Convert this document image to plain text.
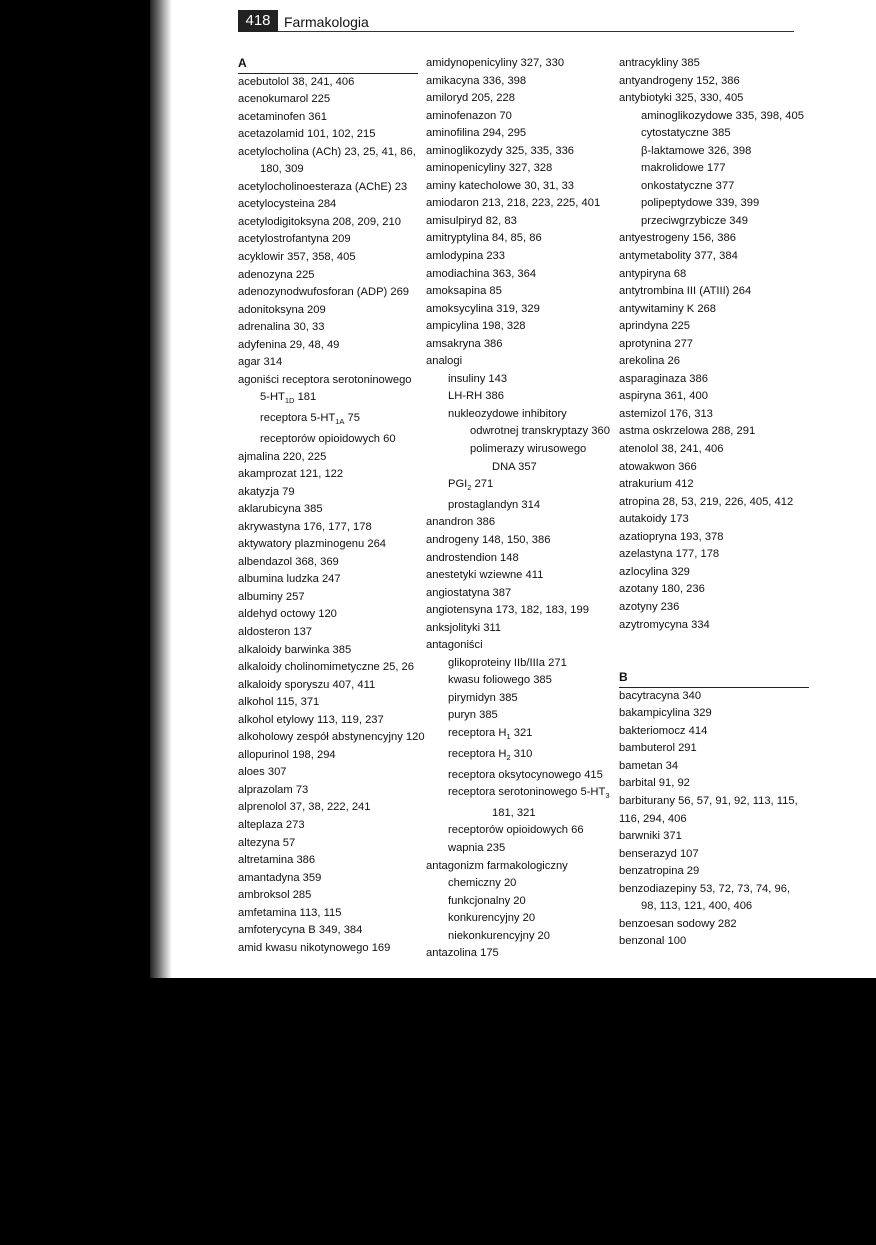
418 Farmakologia
A
acebutolol 38, 241, 406
acenokumarol 225
acetaminofen 361
acetazolamid 101, 102, 215
acetylocholina (ACh) 23, 25, 41, 86,
180, 309
acetylocholinoesteraza (AChE) 23
acetylocysteina 284
acetylodigitoksyna 208, 209, 210
acetylostrofantyna 209
acyklowir 357, 358, 405
adenozyna 225
adenozynodwufosforan (ADP) 269
adonitoksyna 209
adrenalina 30, 33
adyfenina 29, 48, 49
agar 314
agoniści receptora serotoninowego
$5-HT_{1D}$ 181
receptora $5-HT_{1A}$ 75
receptorów opioidowych 60
ajmalina 220, 225
akamprozat 121, 122
akatyzja 79
aklarubicyna 385
akrywastyna 176, 177, 178
aktywatory plazminogenu 264
albendazol 368, 369
albumina ludzka 247
albuminy 257
aldehyd octowy 120
aldosteron 137
alkaloidy barwinka 385
alkaloidy cholinomimetyczne 25, 26
alkaloidy sporyszu 407, 411
alkohol 115, 371
alkohol etylowy 113, 119, 237
alkoholowy zespół abstynencyjny 120
allopurinol 198, 294
aloes 307
alprazolam 73
alprenolol 37, 38, 222, 241
alteplaza 273
altezyna 57
altretamina 386
amantadyna 359
ambroksol 285
amfetamina 113, 115
amfoterycyna B 349, 384
amid kwasu nikotynowego 169
amidynopenicyliny 327, 330
amikacyna 336, 398
amiloryd 205, 228
aminofenazon 70
aminofilina 294, 295
aminoglikozydy 325, 335, 336
aminopenicyliny 327, 328
aminy katecholowe 30, 31, 33
amiodaron 213, 218, 223, 225, 401
amisulpiryd 82, 83
amitryptylina 84, 85, 86
amlodypina 233
amodiachina 363, 364
amoksapina 85
amoksycylina 319, 329
ampicylina 198, 328
amsakryna 386
analogi
insuliny 143
LH-RH 386
nukleozydowe inhibitory
odwrotnej transkryptazy 360
polimerazy wirusowego
DNA 357
$PGI_2$ 271
prostaglandyn 314
anandron 386
androgeny 148, 150, 386
androstendion 148
anestetyki wziewne 411
angiostatyna 387
angiotensyna 173, 182, 183, 199
anksjolityki 311
antagoniści
glikoproteiny IIb/IIIa 271
kwasu foliowego 385
pirymidyn 385
puryn 385
receptora $H_1$ 321
receptora $H_2$ 310
receptora oksytocynowego 415
receptora serotoninowego $5-HT_3$
181, 321
receptorów opioidowych 66
wapnia 235
antagonizm farmakologiczny
chemiczny 20
funkcjonalny 20
konkurencyjny 20
niekonkurencyjny 20
antazolina 175
antracykliny 385
antyandrogeny 152, 386
antybiotyki 325, 330, 405
aminoglikozydowe 335, 398, 405
cytostatyczne 385
β-laktamowe 326, 398
makrolidowe 177
onkostatyczne 377
polipeptydowe 339, 399
przeciwgrzybicze 349
antyestrogeny 156, 386
antymetabolity 377, 384
antypiryna 68
antytrombina III (ATIII) 264
antywitaminy K 268
aprindyna 225
aprotynina 277
arekolina 26
asparaginaza 386
aspiryna 361, 400
astemizol 176, 313
astma oskrzelowa 288, 291
atenolol 38, 241, 406
atowakwon 366
atrakurium 412
atropina 28, 53, 219, 226, 405, 412
autakoidy 173
azatiopryna 193, 378
azelastyna 177, 178
azlocylina 329
azotany 180, 236
azotyny 236
azytromycyna 334
B
bacytracyna 340
bakampicylina 329
bakteriomocz 414
bambuterol 291
bametan 34
barbital 91, 92
barbiturany 56, 57, 91, 92, 113, 115,
116, 294, 406
barwniki 371
benserazyd 107
benzatropina 29
benzodiazepiny 53, 72, 73, 74, 96,
98, 113, 121, 400, 406
benzoesan sodowy 282
benzonal 100
